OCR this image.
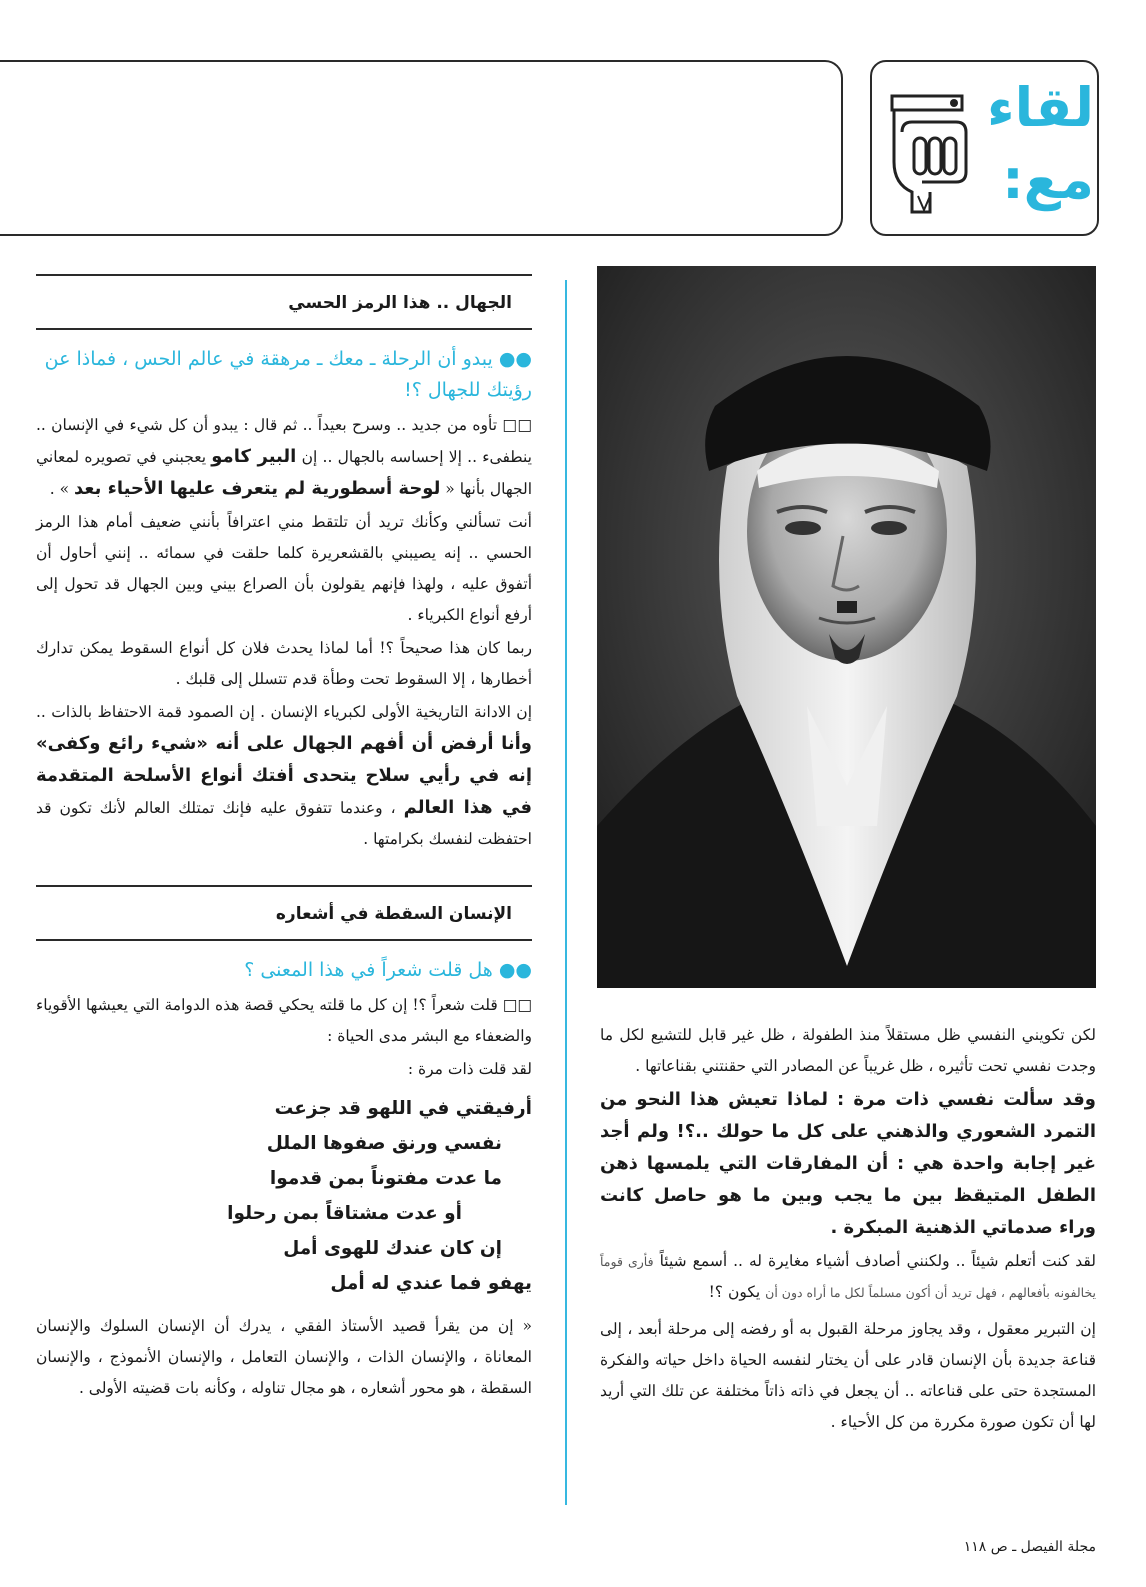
لقاء
مع:

لكن تكويني النفسي ظل مستقلاً منذ الطفولة ، ظل غير قابل للتشيع لكل ما وجدت نفسي تحت تأثيره ، ظل غريباً عن المصادر التي حقنتني بقناعاتها .

وقد سألت نفسي ذات مرة : لماذا تعيش هذا النحو من التمرد الشعوري والذهني على كل ما حولك ..؟! ولم أجد غير إجابة واحدة هي : أن المفارقات التي يلمسها ذهن الطفل المتيقظ بين ما يجب وبين ما هو حاصل كانت وراء صدماتي الذهنية المبكرة .

لقد كنت أتعلم شيئاً .. ولكنني أصادف أشياء مغايرة له .. أسمع شيئاً فأرى قوماً يخالفونه بأفعالهم ، فهل تريد أن أكون مسلماً لكل ما أراه دون أن يكون ؟!

إن التبرير معقول ، وقد يجاوز مرحلة القبول به أو رفضه إلى مرحلة أبعد ، إلى قناعة جديدة بأن الإنسان قادر على أن يختار لنفسه الحياة داخل حياته والفكرة المستجدة حتى على قناعاته .. أن يجعل في ذاته ذاتاً مختلفة عن تلك التي أريد لها أن تكون صورة مكررة من كل الأحياء .

الجهال .. هذا الرمز الحسي
●● يبدو أن الرحلة ـ معك ـ مرهقة في عالم الحس ، فماذا عن رؤيتك للجهال ؟!

□□ تأوه من جديد .. وسرح بعيداً .. ثم قال : يبدو أن كل شيء في الإنسان .. ينطفىء .. إلا إحساسه بالجهال .. إن البير كامو يعجبني في تصويره لمعاني الجهال بأنها « لوحة أسطورية لم يتعرف عليها الأحياء بعد » .

أنت تسألني وكأنك تريد أن تلتقط مني اعترافاً بأنني ضعيف أمام هذا الرمز الحسي .. إنه يصيبني بالقشعريرة كلما حلقت في سمائه .. إنني أحاول أن أتفوق عليه ، ولهذا فإنهم يقولون بأن الصراع بيني وبين الجهال قد تحول إلى أرفع أنواع الكبرياء .

ربما كان هذا صحيحاً ؟! أما لماذا يحدث فلان كل أنواع السقوط يمكن تدارك أخطارها ، إلا السقوط تحت وطأة قدم تتسلل إلى قلبك .

إن الادانة التاريخية الأولى لكبرياء الإنسان . إن الصمود قمة الاحتفاظ بالذات .. وأنا أرفض أن أفهم الجهال على أنه «شيء رائع وكفى» إنه في رأيي سلاح يتحدى أفتك أنواع الأسلحة المتقدمة في هذا العالم ، وعندما تتفوق عليه فإنك تمتلك العالم لأنك تكون قد احتفظت لنفسك بكرامتها .

الإنسان السقطة في أشعاره
●● هل قلت شعراً في هذا المعنى ؟

□□ قلت شعراً ؟! إن كل ما قلته يحكي قصة هذه الدوامة التي يعيشها الأقوياء والضعفاء مع البشر مدى الحياة :

لقد قلت ذات مرة :

أرفيقتي في اللهو قد جزعت
نفسي ورنق صفوها الملل
ما عدت مفتوناً بمن قدموا
أو عدت مشتاقاً بمن رحلوا
إن كان عندك للهوى أمل
يهفو فما عندي له أمل

« إن من يقرأ قصيد الأستاذ الفقي ، يدرك أن الإنسان السلوك والإنسان المعاناة ، والإنسان الذات ، والإنسان التعامل ، والإنسان الأنموذج ، والإنسان السقطة ، هو محور أشعاره ، هو مجال تناوله ، وكأنه بات قضيته الأولى .

مجلة الفيصل ـ ص ١١٨
